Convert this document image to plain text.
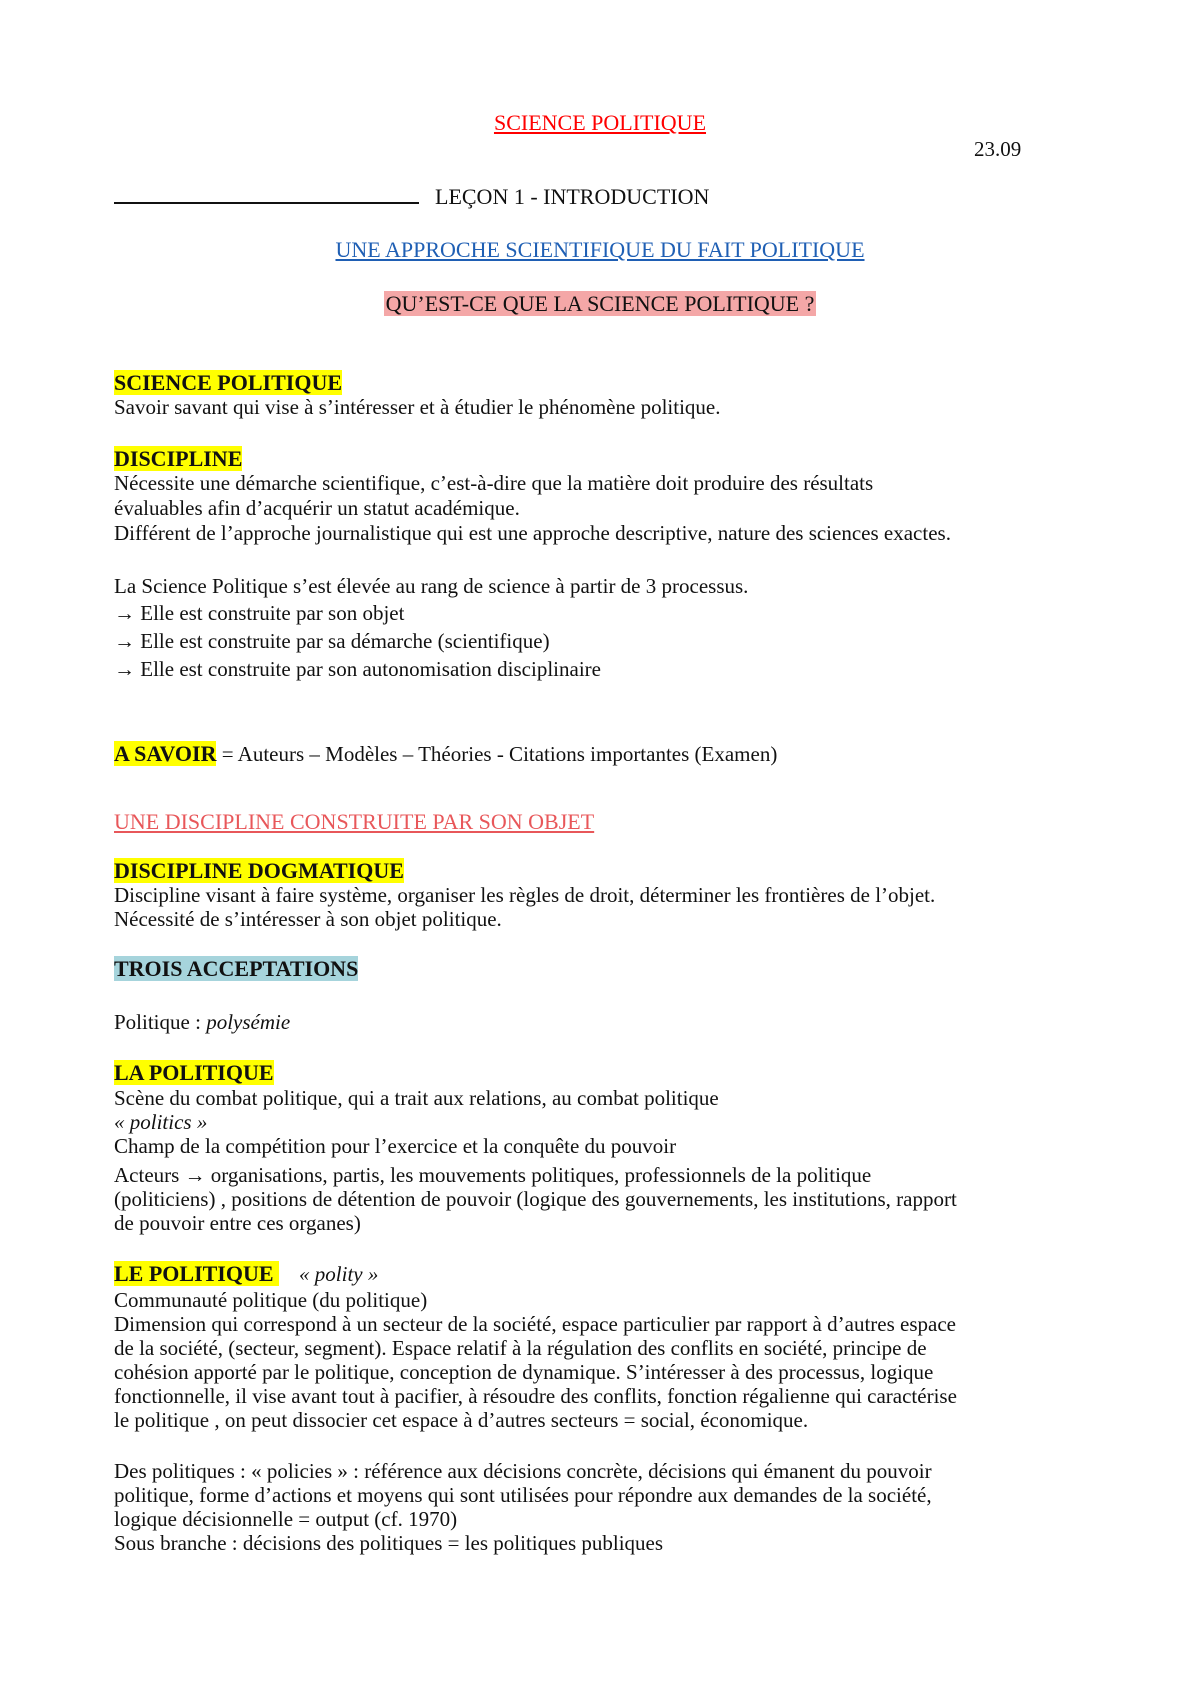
SCIENCE POLITIQUE
23.09
LEÇON 1 - INTRODUCTION
UNE APPROCHE SCIENTIFIQUE DU FAIT POLITIQUE
QU’EST-CE QUE LA SCIENCE POLITIQUE ?
SCIENCE POLITIQUE
Savoir savant qui vise à s’intéresser et à étudier le phénomène politique.
DISCIPLINE
Nécessite une démarche scientifique, c’est-à-dire que la matière doit produire des résultats
évaluables afin d’acquérir un statut académique.
Différent de l’approche journalistique qui est une approche descriptive, nature des sciences exactes.
La Science Politique s’est élevée au rang de science à partir de 3 processus.
→ Elle est construite par son objet
→ Elle est construite par sa démarche (scientifique)
→ Elle est construite par son autonomisation disciplinaire
A SAVOIR = Auteurs – Modèles – Théories - Citations importantes (Examen)
UNE DISCIPLINE CONSTRUITE PAR SON OBJET
DISCIPLINE DOGMATIQUE
Discipline visant à faire système, organiser les règles de droit, déterminer les frontières de l’objet.
Nécessité de s’intéresser à son objet politique.
TROIS ACCEPTATIONS
Politique : polysémie
LA POLITIQUE
Scène du combat politique, qui a trait aux relations, au combat politique
« politics »
Champ de la compétition pour l’exercice et la conquête du pouvoir
Acteurs → organisations, partis, les mouvements politiques, professionnels de la politique
(politiciens) , positions de détention de pouvoir (logique des gouvernements, les institutions, rapport
de pouvoir entre ces organes)
LE POLITIQUE « polity »
Communauté politique (du politique)
Dimension qui correspond à un secteur de la société, espace particulier par rapport à d’autres espace
de la société, (secteur, segment). Espace relatif à la régulation des conflits en société, principe de
cohésion apporté par le politique, conception de dynamique. S’intéresser à des processus, logique
fonctionnelle, il vise avant tout à pacifier, à résoudre des conflits, fonction régalienne qui caractérise
le politique , on peut dissocier cet espace à d’autres secteurs = social, économique.
Des politiques : « policies » : référence aux décisions concrète, décisions qui émanent du pouvoir
politique, forme d’actions et moyens qui sont utilisées pour répondre aux demandes de la société,
logique décisionnelle = output (cf. 1970)
Sous branche : décisions des politiques = les politiques publiques
